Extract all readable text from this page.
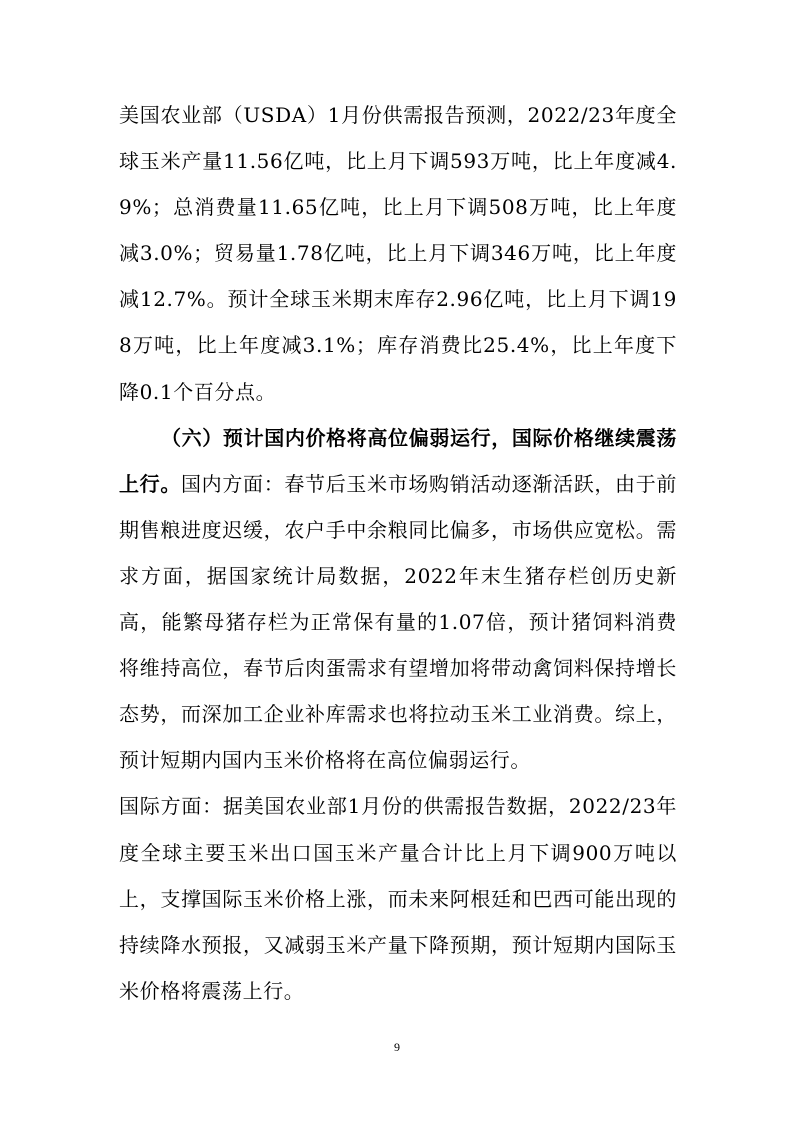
美国农业部（USDA）1月份供需报告预测，2022/23年度全球玉米产量11.56亿吨，比上月下调593万吨，比上年度减4.9%；总消费量11.65亿吨，比上月下调508万吨，比上年度减3.0%；贸易量1.78亿吨，比上月下调346万吨，比上年度减12.7%。预计全球玉米期末库存2.96亿吨，比上月下调198万吨，比上年度减3.1%；库存消费比25.4%，比上年度下降0.1个百分点。

（六）预计国内价格将高位偏弱运行，国际价格继续震荡上行。国内方面：春节后玉米市场购销活动逐渐活跃，由于前期售粮进度迟缓，农户手中余粮同比偏多，市场供应宽松。需求方面，据国家统计局数据，2022年末生猪存栏创历史新高，能繁母猪存栏为正常保有量的1.07倍，预计猪饲料消费将维持高位，春节后肉蛋需求有望增加将带动禽饲料保持增长态势，而深加工企业补库需求也将拉动玉米工业消费。综上，预计短期内国内玉米价格将在高位偏弱运行。

国际方面：据美国农业部1月份的供需报告数据，2022/23年度全球主要玉米出口国玉米产量合计比上月下调900万吨以上，支撑国际玉米价格上涨，而未来阿根廷和巴西可能出现的持续降水预报，又减弱玉米产量下降预期，预计短期内国际玉米价格将震荡上行。

9
